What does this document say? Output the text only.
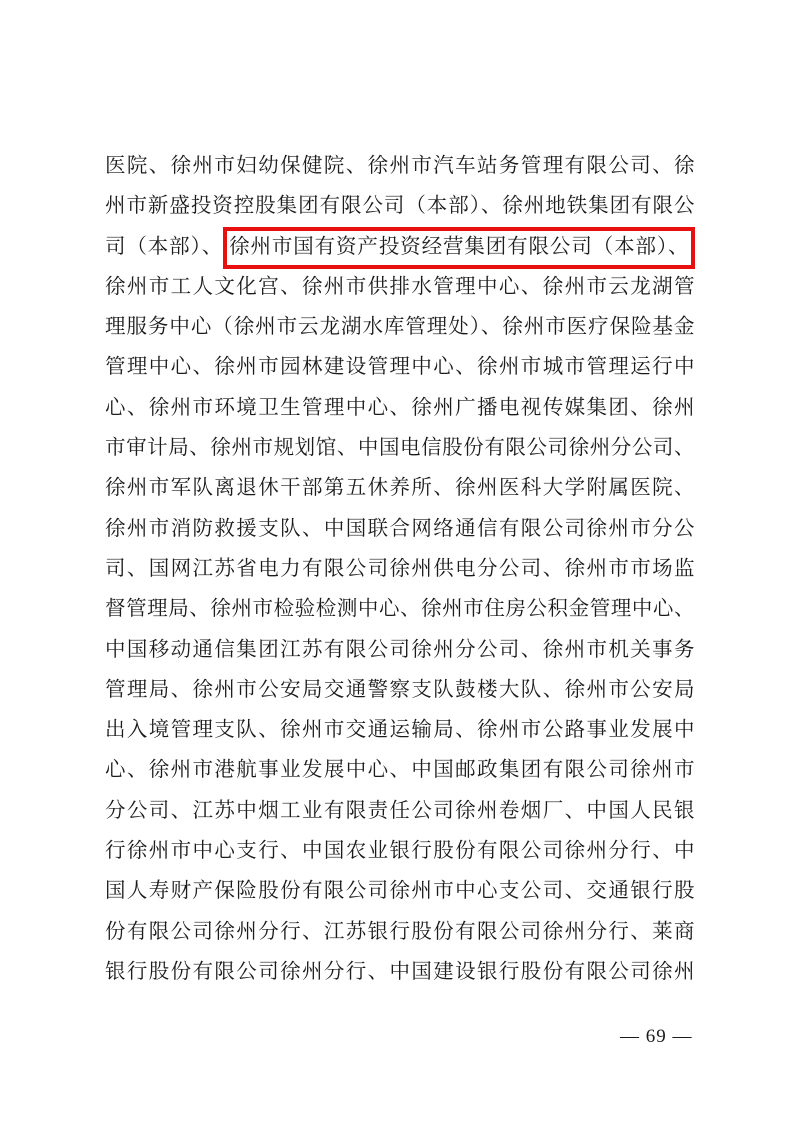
医院、徐州市妇幼保健院、徐州市汽车站务管理有限公司、徐
州市新盛投资控股集团有限公司（本部）、徐州地铁集团有限公
司（本部）、 徐州市国有资产投资经营集团有限公司（本部）、
徐州市工人文化宫、徐州市供排水管理中心、徐州市云龙湖管
理服务中心（徐州市云龙湖水库管理处）、徐州市医疗保险基金
管理中心、徐州市园林建设管理中心、徐州市城市管理运行中
心、徐州市环境卫生管理中心、徐州广播电视传媒集团、徐州
市审计局、徐州市规划馆、中国电信股份有限公司徐州分公司、
徐州市军队离退休干部第五休养所、徐州医科大学附属医院、
徐州市消防救援支队、中国联合网络通信有限公司徐州市分公
司、国网江苏省电力有限公司徐州供电分公司、徐州市市场监
督管理局、徐州市检验检测中心、徐州市住房公积金管理中心、
中国移动通信集团江苏有限公司徐州分公司、徐州市机关事务
管理局、徐州市公安局交通警察支队鼓楼大队、徐州市公安局
出入境管理支队、徐州市交通运输局、徐州市公路事业发展中
心、徐州市港航事业发展中心、中国邮政集团有限公司徐州市
分公司、江苏中烟工业有限责任公司徐州卷烟厂、中国人民银
行徐州市中心支行、中国农业银行股份有限公司徐州分行、中
国人寿财产保险股份有限公司徐州市中心支公司、交通银行股
份有限公司徐州分行、江苏银行股份有限公司徐州分行、莱商
银行股份有限公司徐州分行、中国建设银行股份有限公司徐州
— 69 —
